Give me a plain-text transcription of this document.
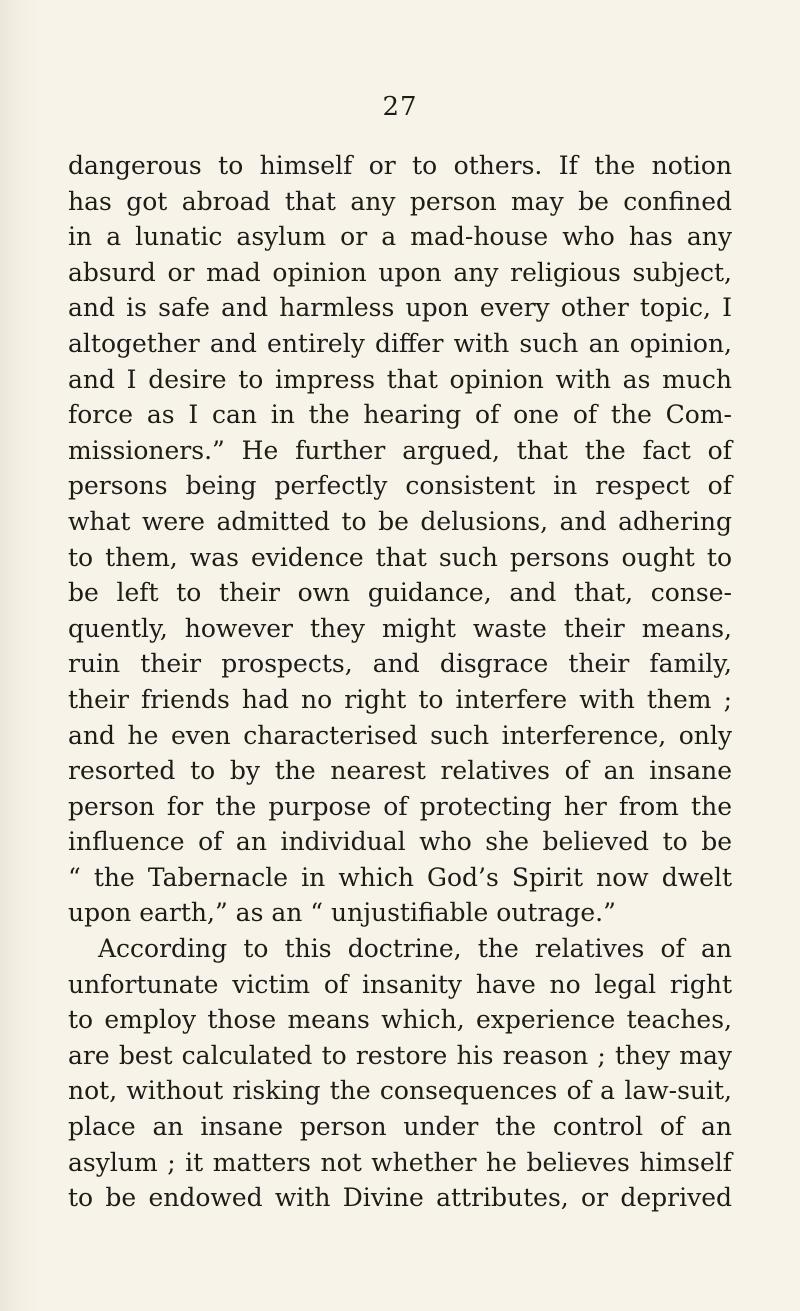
27
dangerous to himself or to others. If the notion
has got abroad that any person may be confined
in a lunatic asylum or a mad-house who has any
absurd or mad opinion upon any religious subject,
and is safe and harmless upon every other topic, I
altogether and entirely differ with such an opinion,
and I desire to impress that opinion with as much
force as I can in the hearing of one of the Com-
missioners.” He further argued, that the fact of
persons being perfectly consistent in respect of
what were admitted to be delusions, and adhering
to them, was evidence that such persons ought to
be left to their own guidance, and that, conse-
quently, however they might waste their means,
ruin their prospects, and disgrace their family,
their friends had no right to interfere with them ;
and he even characterised such interference, only
resorted to by the nearest relatives of an insane
person for the purpose of protecting her from the
influence of an individual who she believed to be
“ the Tabernacle in which God’s Spirit now dwelt
upon earth,” as an “ unjustifiable outrage.”
According to this doctrine, the relatives of an
unfortunate victim of insanity have no legal right
to employ those means which, experience teaches,
are best calculated to restore his reason ; they may
not, without risking the consequences of a law-suit,
place an insane person under the control of an
asylum ; it matters not whether he believes himself
to be endowed with Divine attributes, or deprived
